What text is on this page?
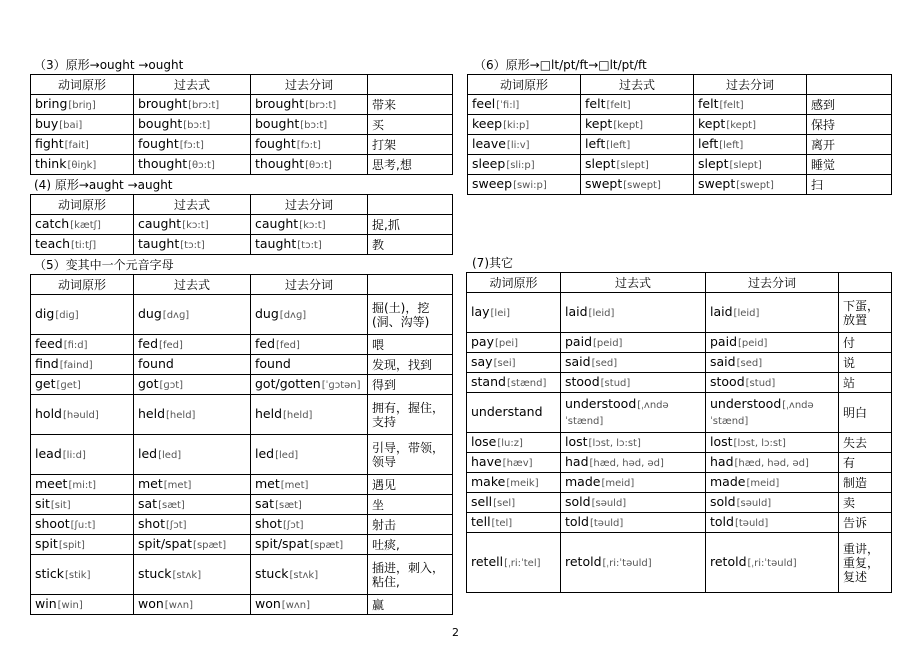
（3）原形→ought →ought
动词原形	过去式	过去分词	
bring[briŋ]	brought[brɔ:t]	brought[brɔ:t]	带来
buy[bai]	bought[bɔ:t]	bought[bɔ:t]	买
fight[fait]	fought[fɔ:t]	fought[fɔ:t]	打架
think[θiŋk]	thought[θɔ:t]	thought[θɔ:t]	思考,想
(4) 原形→aught →aught
动词原形	过去式	过去分词	
catch[kætʃ]	caught[kɔ:t]	caught[kɔ:t]	捉,抓
teach[ti:tʃ]	taught[tɔ:t]	taught[tɔ:t]	教
（5）变其中一个元音字母
动词原形	过去式	过去分词	
dig[diɡ]	dug[dʌɡ]	dug[dʌɡ]	掘(土)，挖(洞、沟等)
feed[fi:d]	fed[fed]	fed[fed]	喂
find[faind]	found	found	发现，找到
get[ɡet]	got[ɡɔt]	got/gotten[ˈɡɔtən]	得到
hold[həuld]	held[held]	held[held]	拥有，握住，支持
lead[li:d]	led[led]	led[led]	引导，带领，领导
meet[mi:t]	met[met]	met[met]	遇见
sit[sit]	sat[sæt]	sat[sæt]	坐
shoot[ʃu:t]	shot[ʃɔt]	shot[ʃɔt]	射击
spit[spit]	spit/spat[spæt]	spit/spat[spæt]	吐痰,
stick[stik]	stuck[stʌk]	stuck[stʌk]	插进，刺入，粘住,
win[win]	won[wʌn]	won[wʌn]	赢
（6）原形→□lt/pt/ft→□lt/pt/ft
动词原形	过去式	过去分词	
feel[ˈfi:l]	felt[felt]	felt[felt]	感到
keep[ki:p]	kept[kept]	kept[kept]	保持
leave[li:v]	left[left]	left[left]	离开
sleep[sli:p]	slept[slept]	slept[slept]	睡觉
sweep[swi:p]	swept[swept]	swept[swept]	扫
(7)其它
动词原形	过去式	过去分词	
lay[lei]	laid[leid]	laid[leid]	下蛋，放置
pay[pei]	paid[peid]	paid[peid]	付
say[sei]	said[sed]	said[sed]	说
stand[stænd]	stood[stud]	stood[stud]	站
understand	understood[ˌʌndəˈstænd]	understood[ˌʌndəˈstænd]	明白
lose[lu:z]	lost[lɔst, lɔ:st]	lost[lɔst, lɔ:st]	失去
have[hæv]	had[hæd, həd, əd]	had[hæd, həd, əd]	有
make[meik]	made[meid]	made[meid]	制造
sell[sel]	sold[səuld]	sold[səuld]	卖
tell[tel]	told[təuld]	told[təuld]	告诉
retell[ˌri:ˈtel]	retold[ˌri:ˈtəuld]	retold[ˌri:ˈtəuld]	重讲，重复，复述
2
